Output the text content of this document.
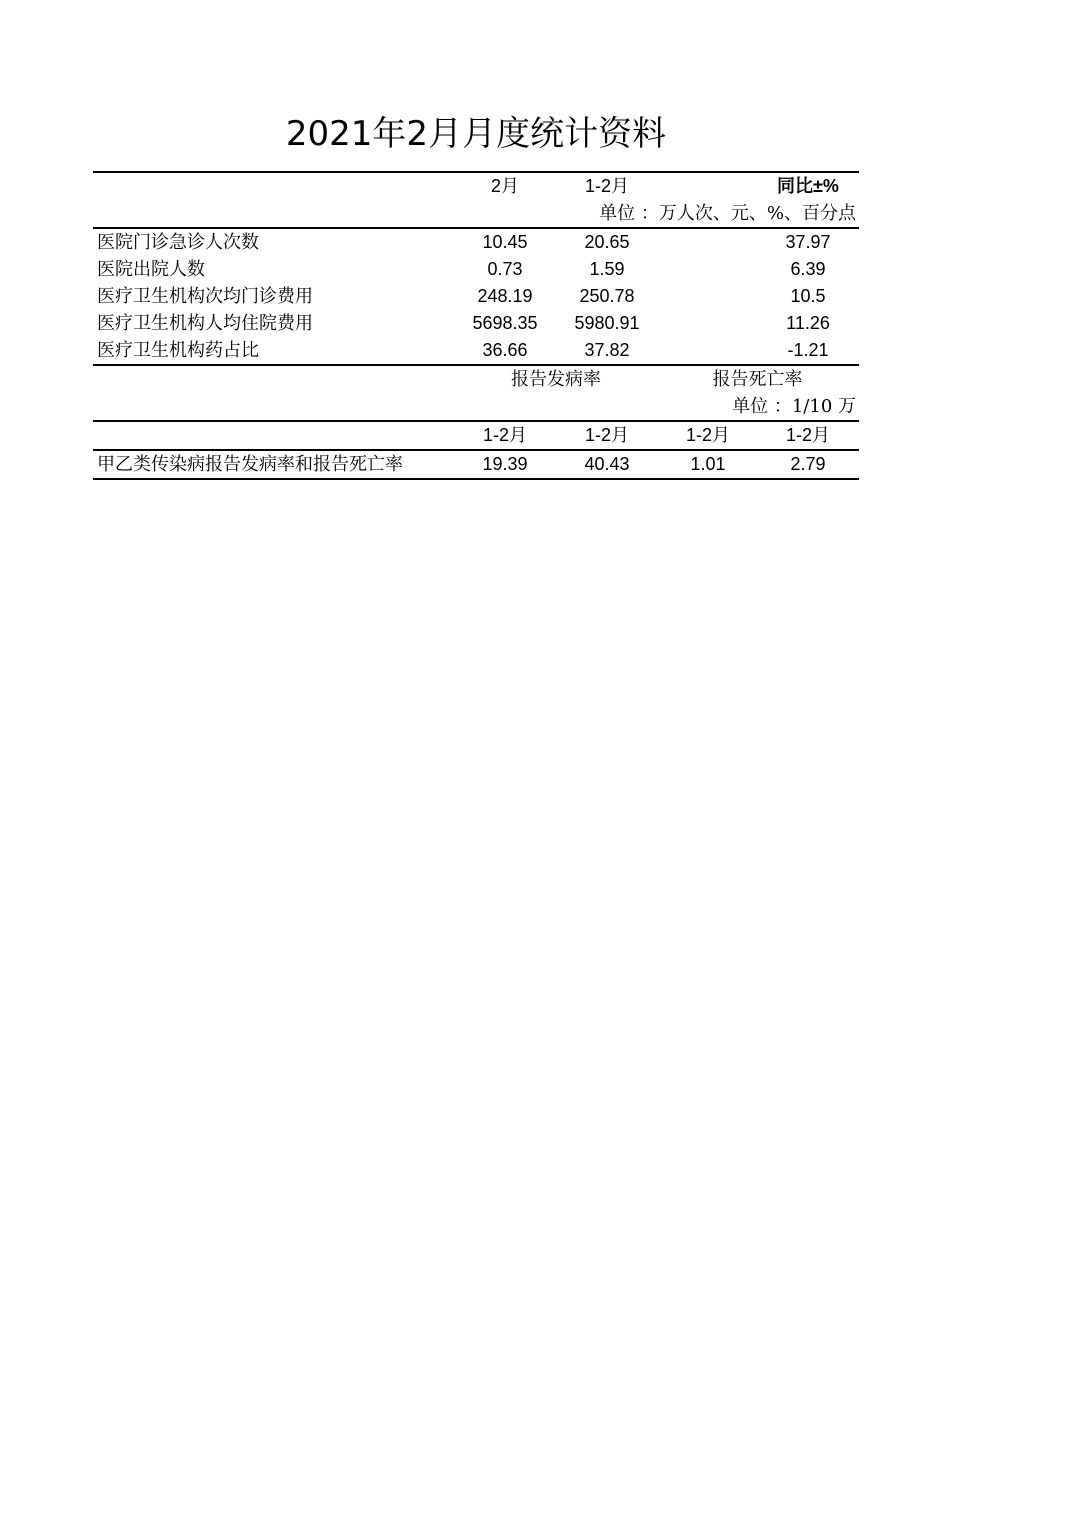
2021年2月月度统计资料
2月	1-2月	同比±%
单位 ：万人次、元、%、百分点
医院门诊急诊人次数	10.45	20.65	37.97
医院出院人数	0.73	1.59	6.39
医疗卫生机构次均门诊费用	248.19	250.78	10.5
医疗卫生机构人均住院费用	5698.35	5980.91	11.26
医疗卫生机构药占比	36.66	37.82	-1.21
报告发病率	报告死亡率
单位 ：1/10 万
1-2月	1-2月	1-2月	1-2月
甲乙类传染病报告发病率和报告死亡率	19.39	40.43	1.01	2.79
